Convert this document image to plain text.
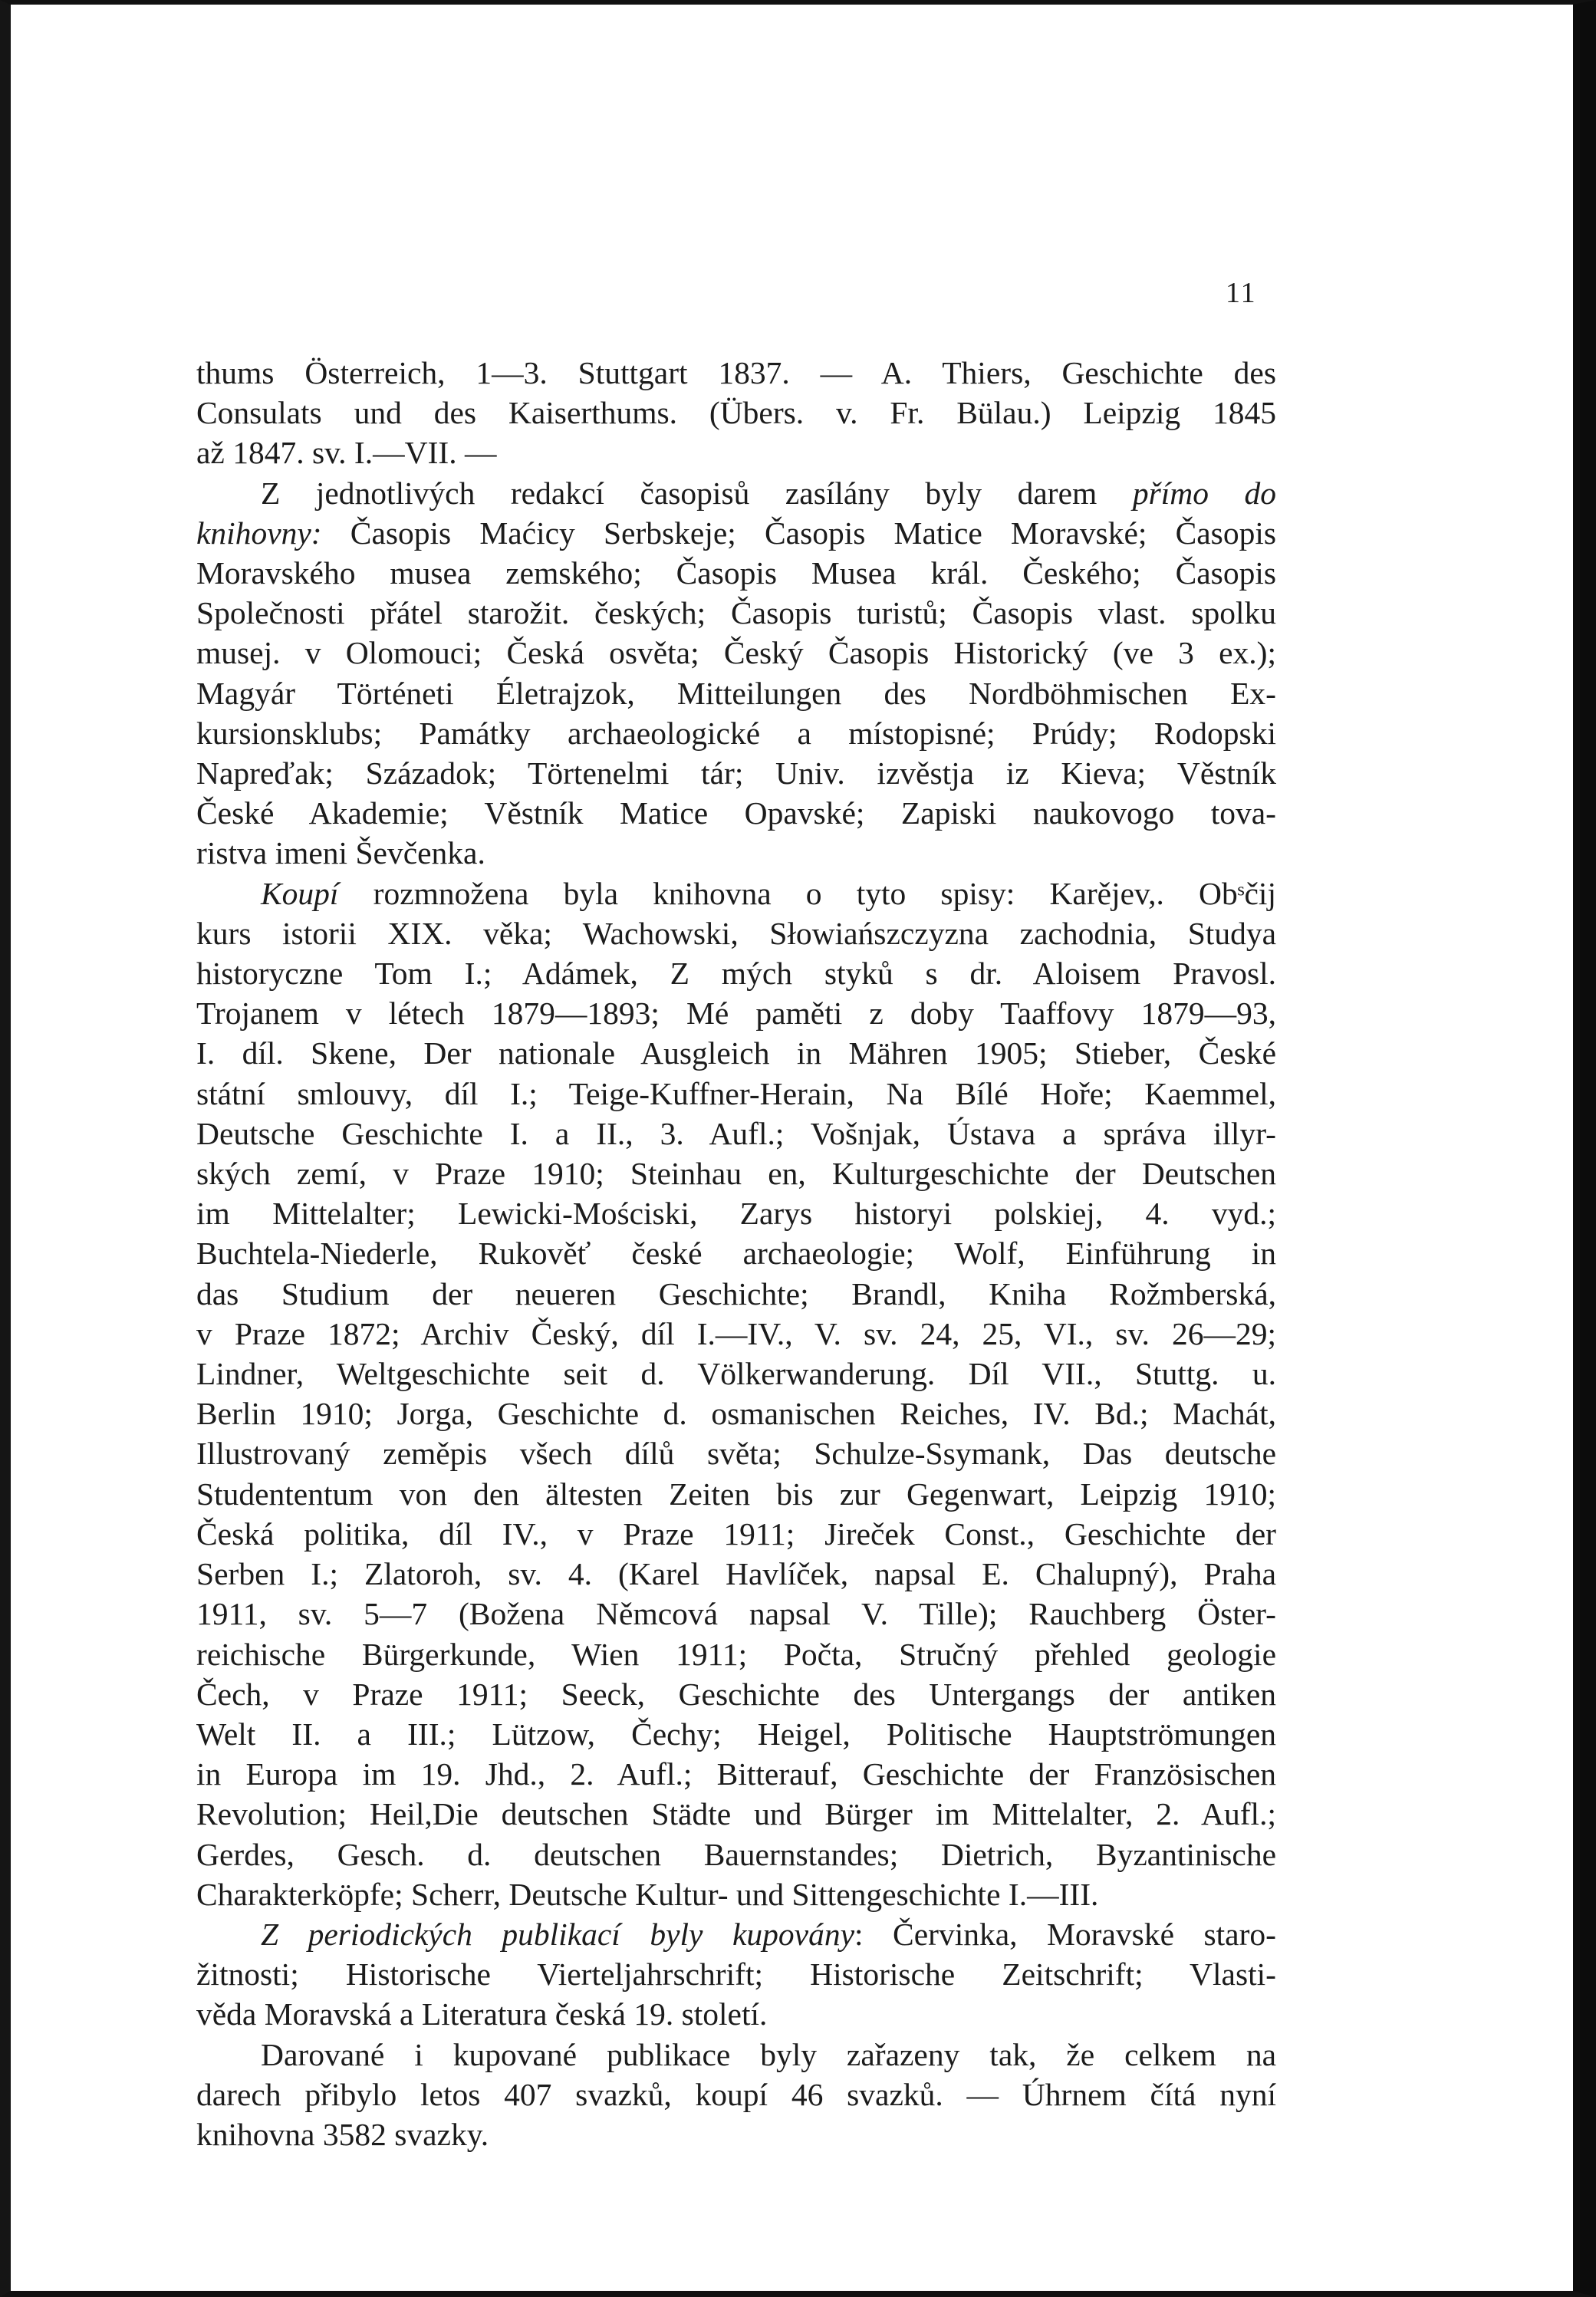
11
thums Österreich, 1—3. Stuttgart 1837. — A. Thiers, Geschichte des
Consulats und des Kaiserthums. (Übers. v. Fr. Bülau.) Leipzig 1845
až 1847. sv. I.—VII. —
Z jednotlivých redakcí časopisů zasílány byly darem přímo do
knihovny: Časopis Maćicy Serbskeje; Časopis Matice Moravské; Časopis
Moravského musea zemského; Časopis Musea král. Českého; Časopis
Společnosti přátel starožit. českých; Časopis turistů; Časopis vlast. spolku
musej. v Olomouci; Česká osvěta; Český Časopis Historický (ve 3 ex.);
Magyár Történeti Életrajzok, Mitteilungen des Nordböhmischen Ex-
kursionsklubs; Památky archaeologické a místopisné; Prúdy; Rodopski
Napreďak; Századok; Törtenelmi tár; Univ. izvěstja iz Kieva; Věstník
České Akademie; Věstník Matice Opavské; Zapiski naukovogo tova-
ristva imeni Ševčenka.
Koupí rozmnožena byla knihovna o tyto spisy: Karějev,. Obˢčij
kurs istorii XIX. věka; Wachowski, Słowiańszczyzna zachodnia, Studya
historyczne Tom I.; Adámek, Z mých styků s dr. Aloisem Pravosl.
Trojanem v létech 1879—1893; Mé paměti z doby Taaffovy 1879—93,
I. díl. Skene, Der nationale Ausgleich in Mähren 1905; Stieber, České
státní smlouvy, díl I.; Teige-Kuffner-Herain, Na Bílé Hoře; Kaemmel,
Deutsche Geschichte I. a II., 3. Aufl.; Vošnjak, Ústava a správa illyr-
ských zemí, v Praze 1910; Steinhau en, Kulturgeschichte der Deutschen
im Mittelalter; Lewicki-Mościski, Zarys historyi polskiej, 4. vyd.;
Buchtela-Niederle, Rukověť české archaeologie; Wolf, Einführung in
das Studium der neueren Geschichte; Brandl, Kniha Rožmberská,
v Praze 1872; Archiv Český, díl I.—IV., V. sv. 24, 25, VI., sv. 26—29;
Lindner, Weltgeschichte seit d. Völkerwanderung. Díl VII., Stuttg. u.
Berlin 1910; Jorga, Geschichte d. osmanischen Reiches, IV. Bd.; Machát,
Illustrovaný zeměpis všech dílů světa; Schulze-Ssymank, Das deutsche
Studententum von den ältesten Zeiten bis zur Gegenwart, Leipzig 1910;
Česká politika, díl IV., v Praze 1911; Jireček Const., Geschichte der
Serben I.; Zlatoroh, sv. 4. (Karel Havlíček, napsal E. Chalupný), Praha
1911, sv. 5—7 (Božena Němcová napsal V. Tille); Rauchberg Öster-
reichische Bürgerkunde, Wien 1911; Počta, Stručný přehled geologie
Čech, v Praze 1911; Seeck, Geschichte des Untergangs der antiken
Welt II. a III.; Lützow, Čechy; Heigel, Politische Hauptströmungen
in Europa im 19. Jhd., 2. Aufl.; Bitterauf, Geschichte der Französischen
Revolution; Heil,Die deutschen Städte und Bürger im Mittelalter, 2. Aufl.;
Gerdes, Gesch. d. deutschen Bauernstandes; Dietrich, Byzantinische
Charakterköpfe; Scherr, Deutsche Kultur- und Sittengeschichte I.—III.
Z periodických publikací byly kupovány: Červinka, Moravské staro-
žitnosti; Historische Vierteljahrschrift; Historische Zeitschrift; Vlasti-
věda Moravská a Literatura česká 19. století.
Darované i kupované publikace byly zařazeny tak, že celkem na
darech přibylo letos 407 svazků, koupí 46 svazků. — Úhrnem čítá nyní
knihovna 3582 svazky.
